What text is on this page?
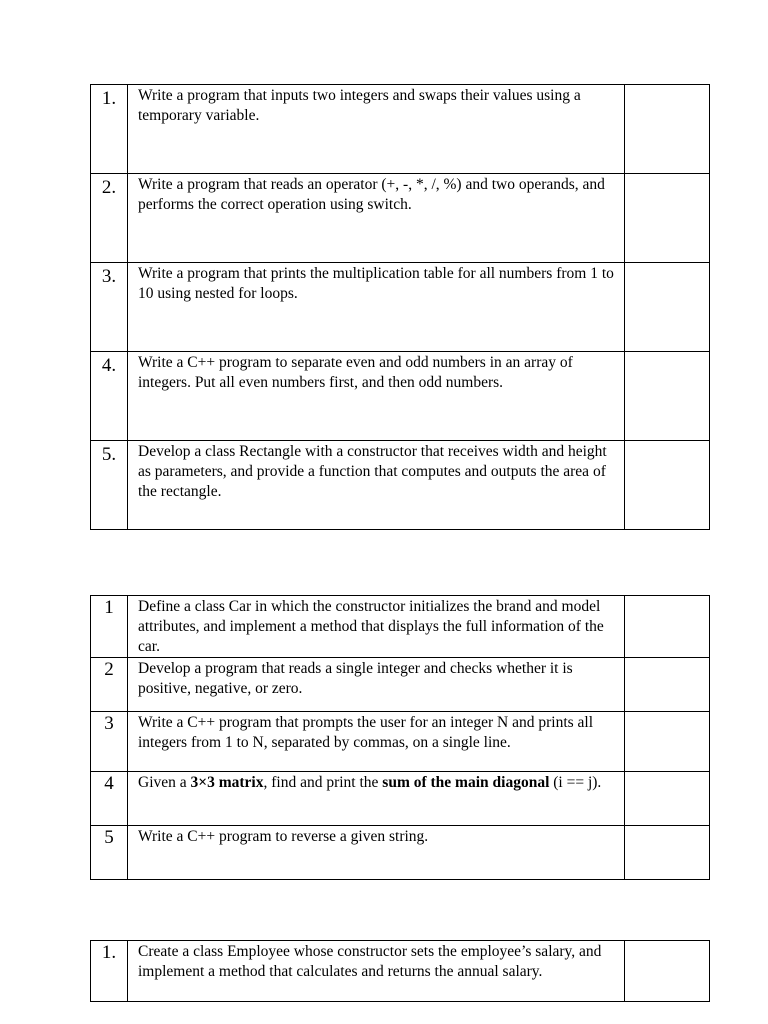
1.	Write a program that inputs two integers and swaps their values using a temporary variable.	
2.	Write a program that reads an operator (+, -, *, /, %) and two operands, and performs the correct operation using switch.	
3.	Write a program that prints the multiplication table for all numbers from 1 to 10 using nested for loops.	
4.	Write a C++ program to separate even and odd numbers in an array of integers. Put all even numbers first, and then odd numbers.	
5.	Develop a class Rectangle with a constructor that receives width and height as parameters, and provide a function that computes and outputs the area of the rectangle.	
1	Define a class Car in which the constructor initializes the brand and model attributes, and implement a method that displays the full information of the car.	
2	Develop a program that reads a single integer and checks whether it is positive, negative, or zero.	
3	Write a C++ program that prompts the user for an integer N and prints all integers from 1 to N, separated by commas, on a single line.	
4	Given a 3×3 matrix, find and print the sum of the main diagonal (i == j).	
5	Write a C++ program to reverse a given string.	
1.	Create a class Employee whose constructor sets the employee’s salary, and implement a method that calculates and returns the annual salary.	
